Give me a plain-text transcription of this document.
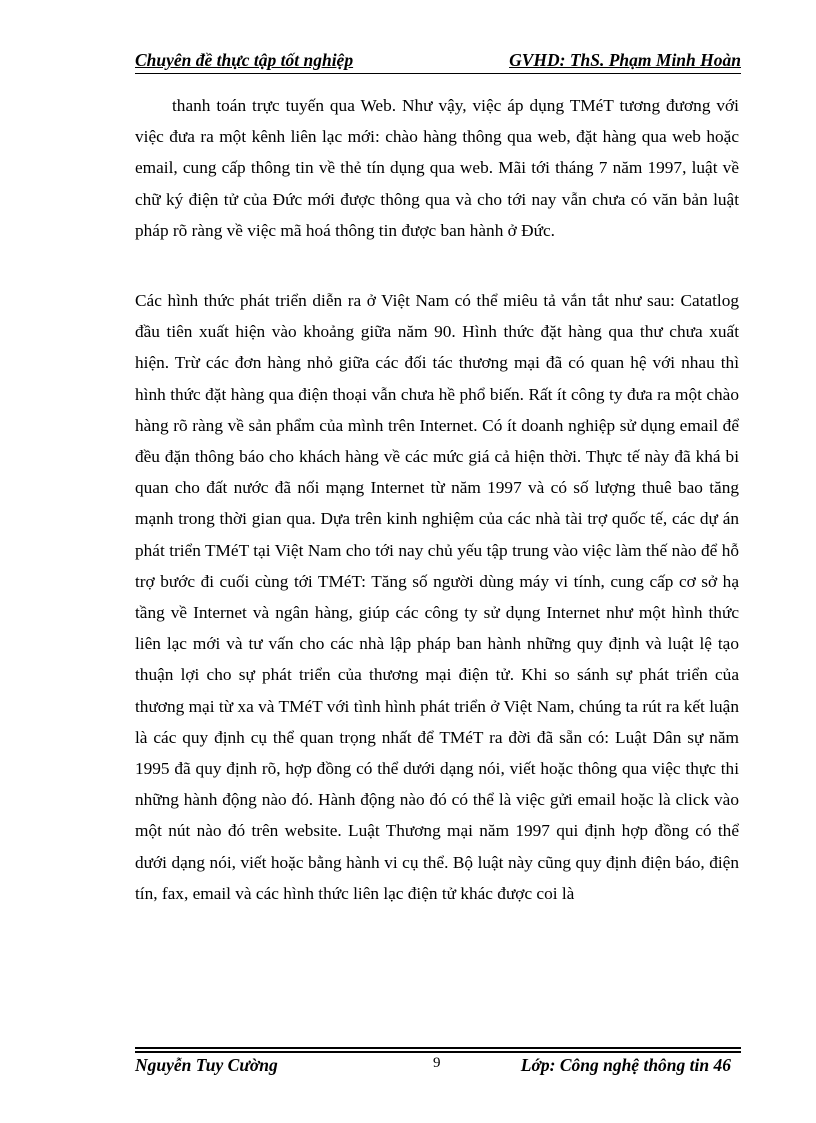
Chuyên đề thực tập tốt nghiệp	GVHD: ThS. Phạm Minh Hoàn

thanh toán trực tuyến qua Web. Như vậy, việc áp dụng TMéT tương đương với việc đưa ra một kênh liên lạc mới: chào hàng thông qua web, đặt hàng qua web hoặc email, cung cấp thông tin về thẻ tín dụng qua web. Mãi tới tháng 7 năm 1997, luật về chữ ký điện tử của Đức mới được thông qua và cho tới nay vẫn chưa có văn bản luật pháp rõ ràng về việc mã hoá thông tin được ban hành ở Đức.

Các hình thức phát triển diễn ra ở Việt Nam có thể miêu tả vắn tắt như sau: Catatlog đầu tiên xuất hiện vào khoảng giữa năm 90. Hình thức đặt hàng qua thư chưa xuất hiện. Trừ các đơn hàng nhỏ giữa các đối tác thương mại đã có quan hệ với nhau thì hình thức đặt hàng qua điện thoại vẫn chưa hề phổ biến. Rất ít công ty đưa ra một chào hàng rõ ràng về sản phẩm của mình trên Internet. Có ít doanh nghiệp sử dụng email để đều đặn thông báo cho khách hàng về các mức giá cả hiện thời. Thực tế này đã khá bi quan cho đất nước đã nối mạng Internet từ năm 1997 và có số lượng thuê bao tăng mạnh trong thời gian qua. Dựa trên kinh nghiệm của các nhà tài trợ quốc tế, các dự án phát triển TMéT tại Việt Nam cho tới nay chủ yếu tập trung vào việc làm thế nào để hỗ trợ bước đi cuối cùng tới TMéT: Tăng số người dùng máy vi tính, cung cấp cơ sở hạ tầng về Internet và ngân hàng, giúp các công ty sử dụng Internet như một hình thức liên lạc mới và tư vấn cho các nhà lập pháp ban hành những quy định và luật lệ tạo thuận lợi cho sự phát triển của thương mại điện tử. Khi so sánh sự phát triển của thương mại từ xa và TMéT với tình hình phát triển ở Việt Nam, chúng ta rút ra kết luận là các quy định cụ thể quan trọng nhất để TMéT ra đời đã sẵn có: Luật Dân sự năm 1995 đã quy định rõ, hợp đồng có thể dưới dạng nói, viết hoặc thông qua việc thực thi những hành động nào đó. Hành động nào đó có thể là việc gửi email hoặc là click vào một nút nào đó trên website. Luật Thương mại năm 1997 qui định hợp đồng có thể dưới dạng nói, viết hoặc bằng hành vi cụ thể. Bộ luật này cũng quy định điện báo, điện tín, fax, email và các hình thức liên lạc điện tử khác được coi là

Nguyễn Tuy Cường	9	Lớp: Công nghệ thông tin 46
